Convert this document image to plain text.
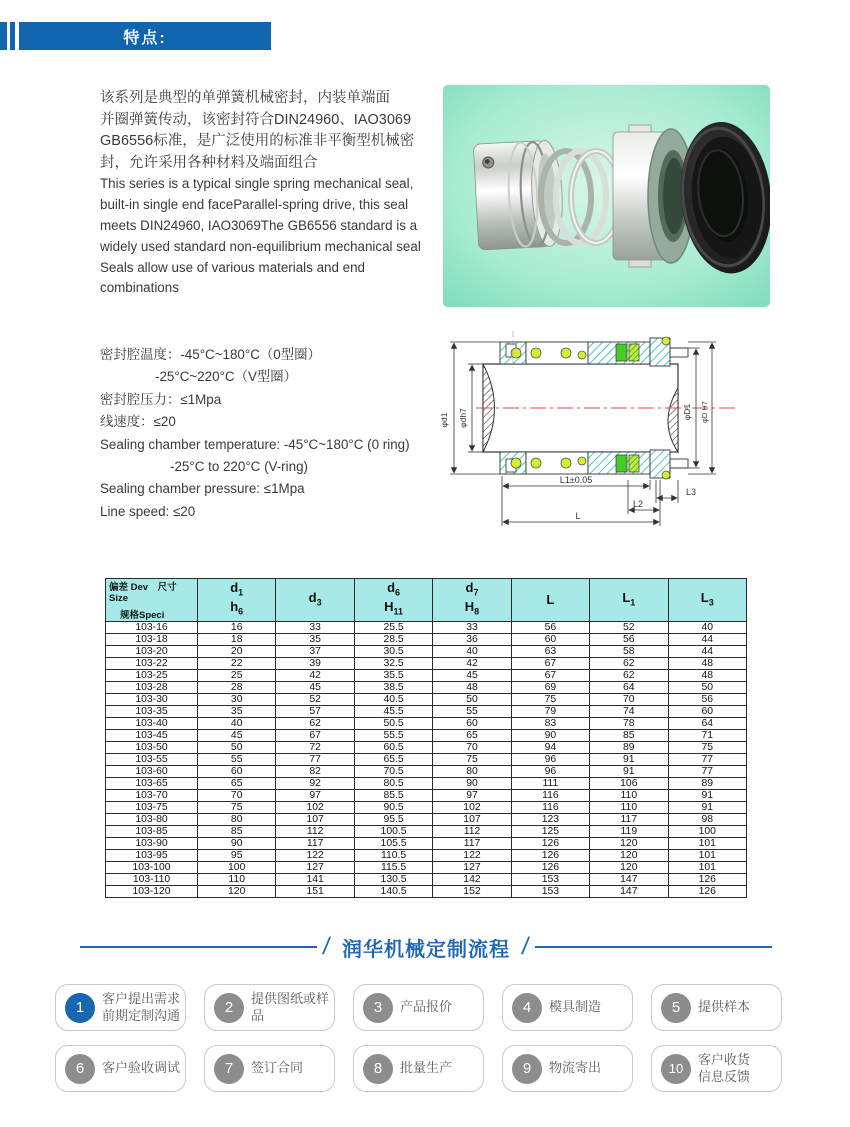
特点:
该系列是典型的单弹簧机械密封，内装单端面
并圈弹簧传动，该密封符合DIN24960、IAO3069
GB6556标准，是广泛使用的标准非平衡型机械密
封，允许采用各种材料及端面组合
This series is a typical single spring mechanical seal,
built-in single end faceParallel-spring drive, this seal
meets DIN24960, IAO3069The GB6556 standard is a
widely used standard non-equilibrium mechanical seal
Seals allow use of various materials and end
combinations
密封腔温度：-45°C~180°C（0型圈）
-25°C~220°C（V型圈）
密封腔压力：≤1Mpa
线速度：≤20
Sealing chamber temperature: -45°C~180°C (0 ring)
-25°C to 220°C (V-ring)
Sealing chamber pressure: ≤1Mpa
Line speed: ≤20
φd1 φdh7	φD1 φD H7
L1±0.05
L3
L2
L
偏差 Dev　尺寸 Size
规格Speci

$d_1$
$h_6$

$d_3$

$d_6$
$H_{11}$

$d_7$
$H_8$

L	$L_1$	$L_3$

103-16	16	33	25.5	33	56	52	40
103-18	18	35	28.5	36	60	56	44
103-20	20	37	30.5	40	63	58	44
103-22	22	39	32.5	42	67	62	48
103-25	25	42	35.5	45	67	62	48
103-28	28	45	38.5	48	69	64	50
103-30	30	52	40.5	50	75	70	56
103-35	35	57	45.5	55	79	74	60
103-40	40	62	50.5	60	83	78	64
103-45	45	67	55.5	65	90	85	71
103-50	50	72	60.5	70	94	89	75
103-55	55	77	65.5	75	96	91	77
103-60	60	82	70.5	80	96	91	77
103-65	65	92	80.5	90	111	106	89
103-70	70	97	85.5	97	116	110	91
103-75	75	102	90.5	102	116	110	91
103-80	80	107	95.5	107	123	117	98
103-85	85	112	100.5	112	125	119	100
103-90	90	117	105.5	117	126	120	101
103-95	95	122	110.5	122	126	120	101
103-100	100	127	115.5	127	126	120	101
103-110	110	141	130.5	142	153	147	126
103-120	120	151	140.5	152	153	147	126
/ 润华机械定制流程 /
1
客户提出需求
前期定制沟通	2
提供图纸或样
品	3	产品报价	4	模具制造	5	提供样本
6	客户验收调试	7	签订合同	8	批量生产	9	物流寄出	10
客户收货
信息反馈
